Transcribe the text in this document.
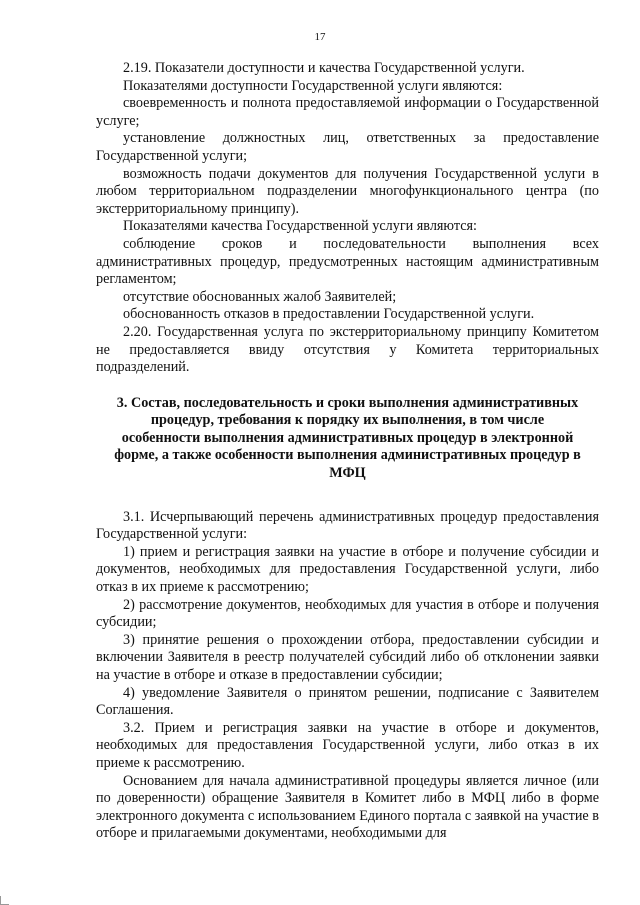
17

2.19. Показатели доступности и качества Государственной услуги.

Показателями доступности Государственной услуги являются:

своевременность и полнота предоставляемой информации о Государственной услуге;

установление должностных лиц, ответственных за предоставление Государственной услуги;

возможность подачи документов для получения Государственной услуги в любом территориальном подразделении многофункционального центра (по экстерриториальному принципу).

Показателями качества Государственной услуги являются:

соблюдение сроков и последовательности выполнения всех административных процедур, предусмотренных настоящим административным регламентом;

отсутствие обоснованных жалоб Заявителей;

обоснованность отказов в предоставлении Государственной услуги.

2.20. Государственная услуга по экстерриториальному принципу Комитетом не предоставляется ввиду отсутствия у Комитета территориальных подразделений.

3. Состав, последовательность и сроки выполнения административных процедур, требования к порядку их выполнения, в том числе особенности выполнения административных процедур в электронной форме, а также особенности выполнения административных процедур в МФЦ

3.1. Исчерпывающий перечень административных процедур предоставления Государственной услуги:

1) прием и регистрация заявки на участие в отборе и получение субсидии и документов, необходимых для предоставления Государственной услуги, либо отказ в их приеме к рассмотрению;

2) рассмотрение документов, необходимых для участия в отборе и получения субсидии;

3) принятие решения о прохождении отбора, предоставлении субсидии и включении Заявителя в реестр получателей субсидий либо об отклонении заявки на участие в отборе и отказе в предоставлении субсидии;

4) уведомление Заявителя о принятом решении, подписание с Заявителем Соглашения.

3.2. Прием и регистрация заявки на участие в отборе и документов, необходимых для предоставления Государственной услуги, либо отказ в их приеме к рассмотрению.

Основанием для начала административной процедуры является личное (или по доверенности) обращение Заявителя в Комитет либо в МФЦ либо в форме электронного документа с использованием Единого портала с заявкой на участие в отборе и прилагаемыми документами, необходимыми для
